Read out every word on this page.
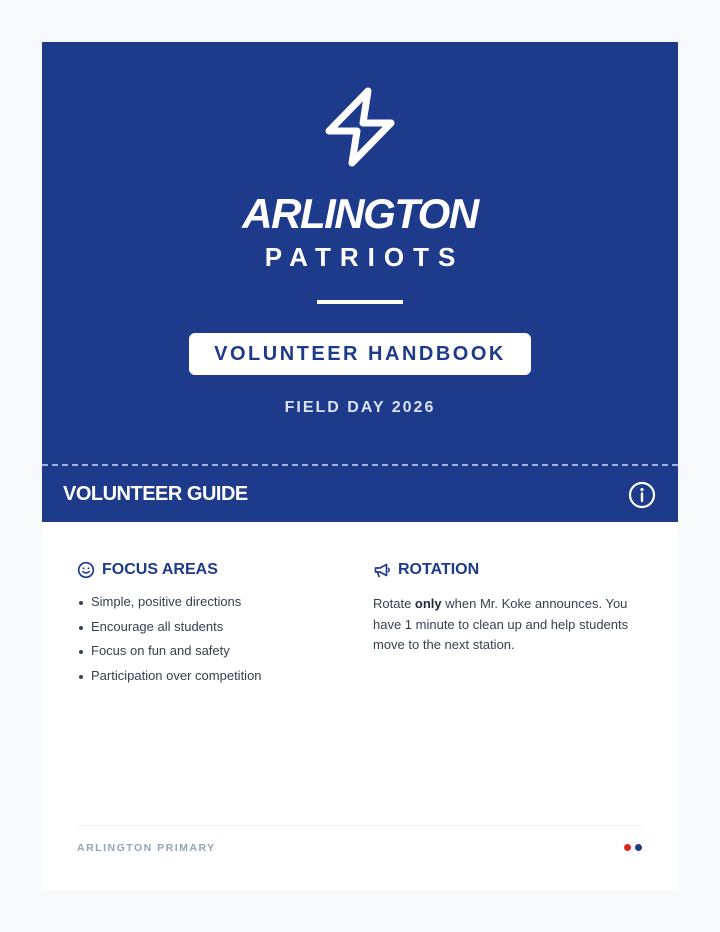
ARLINGTON
PATRIOTS
VOLUNTEER HANDBOOK
FIELD DAY 2026
VOLUNTEER GUIDE
FOCUS AREAS
Simple, positive directions
Encourage all students
Focus on fun and safety
Participation over competition
ROTATION

Rotate only when Mr. Koke announces. You have 1 minute to clean up and help students move to the next station.

ARLINGTON PRIMARY
